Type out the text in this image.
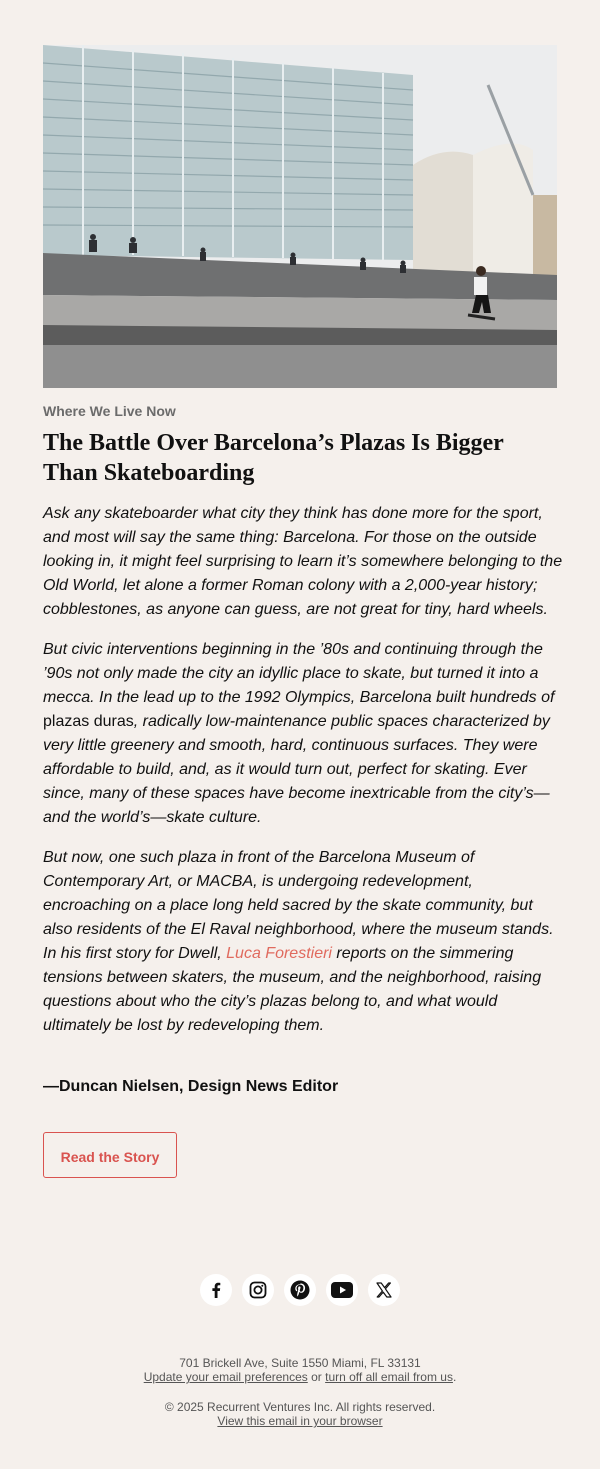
Where We Live Now
The Battle Over Barcelona’s Plazas Is Bigger Than Skateboarding

Ask any skateboarder what city they think has done more for the sport, and most will say the same thing: Barcelona. For those on the outside looking in, it might feel surprising to learn it’s somewhere belonging to the Old World, let alone a former Roman colony with a 2,000-year history; cobblestones, as anyone can guess, are not great for tiny, hard wheels.

But civic interventions beginning in the ’80s and continuing through the ’90s not only made the city an idyllic place to skate, but turned it into a mecca. In the lead up to the 1992 Olympics, Barcelona built hundreds of plazas duras, radically low-maintenance public spaces characterized by very little greenery and smooth, hard, continuous surfaces. They were affordable to build, and, as it would turn out, perfect for skating. Ever since, many of these spaces have become inextricable from the city’s—and the world’s—skate culture.

But now, one such plaza in front of the Barcelona Museum of Contemporary Art, or MACBA, is undergoing redevelopment, encroaching on a place long held sacred by the skate community, but also residents of the El Raval neighborhood, where the museum stands. In his first story for Dwell, Luca Forestieri reports on the simmering tensions between skaters, the museum, and the neighborhood, raising questions about who the city’s plazas belong to, and what would ultimately be lost by redeveloping them.

—Duncan Nielsen, Design News Editor

Read the Story
701 Brickell Ave, Suite 1550 Miami, FL 33131
Update your email preferences or turn off all email from us.
© 2025 Recurrent Ventures Inc. All rights reserved.
View this email in your browser
